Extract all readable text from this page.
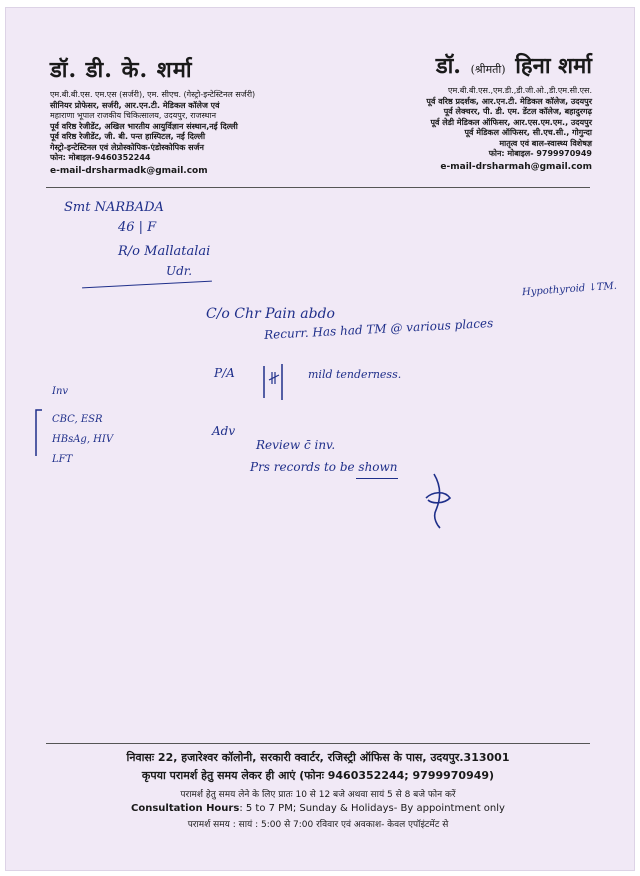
डॉ. डी. के. शर्मा
एम.बी.बी.एस. एम.एस (सर्जरी), एम. सीएच. (गेस्ट्रो-इन्टेस्टिनल सर्जरी)
सीनियर प्रोफेसर, सर्जरी, आर.एन.टी. मेडिकल कॉलेज एवं
महाराणा भूपाल राजकीय चिकित्सालय, उदयपुर, राजस्थान
पूर्व वरिष्ठ रेजीडेंट, अखिल भारतीय आयुर्विज्ञान संस्थान,नई दिल्ली
पूर्व वरिष्ठ रेजीडेंट, जी. बी. पन्त हास्पिटल, नई दिल्ली
गेस्ट्रो-इन्टेस्टिनल एवं लेप्रोस्कोपिक-एंडोस्कोपिक सर्जन
फोन: मोबाइल-9460352244
e-mail-drsharmadk@gmail.com
डॉ. (श्रीमती) हिना शर्मा
एम.बी.बी.एस.,एम.डी.,डी.जी.ओ.,डी.एम.सी.एस.
पूर्व वरिष्ठ प्रदर्शक, आर.एन.टी. मेडिकल कॉलेज, उदयपुर
पूर्व लेक्चरर, पी. डी. एम. डेंटल कॉलेज, बहादुरगढ़
पूर्व लेडी मेडिकल ऑफिसर, आर.एस.एम.एम., उदयपुर
पूर्व मेडिकल ऑफिसर, सी.एच.सी., गोगुन्दा
मातृत्व एवं बाल-स्वास्थ्य विशेषज्ञ
फोन: मोबाइल- 9799970949
e-mail-drsharmah@gmail.com
Smt NARBADA
46 | F
R/o Mallatalai
Udr.
Hypothyroid ↓TM.
C/o Chr Pain abdo
Recurr. Has had TM @ various places
P/A	mild tenderness.
Inv
CBC, ESR
HBsAg, HIV
LFT
Adv
Review c̄ inv.
Prs records to be shown
निवासः 22, हजारेश्वर कॉलोनी, सरकारी क्वार्टर, रजिस्ट्री ऑफिस के पास, उदयपुर.313001
कृपया परामर्श हेतु समय लेकर ही आएं (फोनः 9460352244; 9799970949)
परामर्श हेतु समय लेने के लिए प्रातः 10 से 12 बजे अथवा सायं 5 से 8 बजे फोन करें
Consultation Hours: 5 to 7 PM; Sunday & Holidays- By appointment only
परामर्श समय : सायं : 5:00 से 7:00 रविवार एवं अवकाश- केवल एपॉइंटमेंट से
